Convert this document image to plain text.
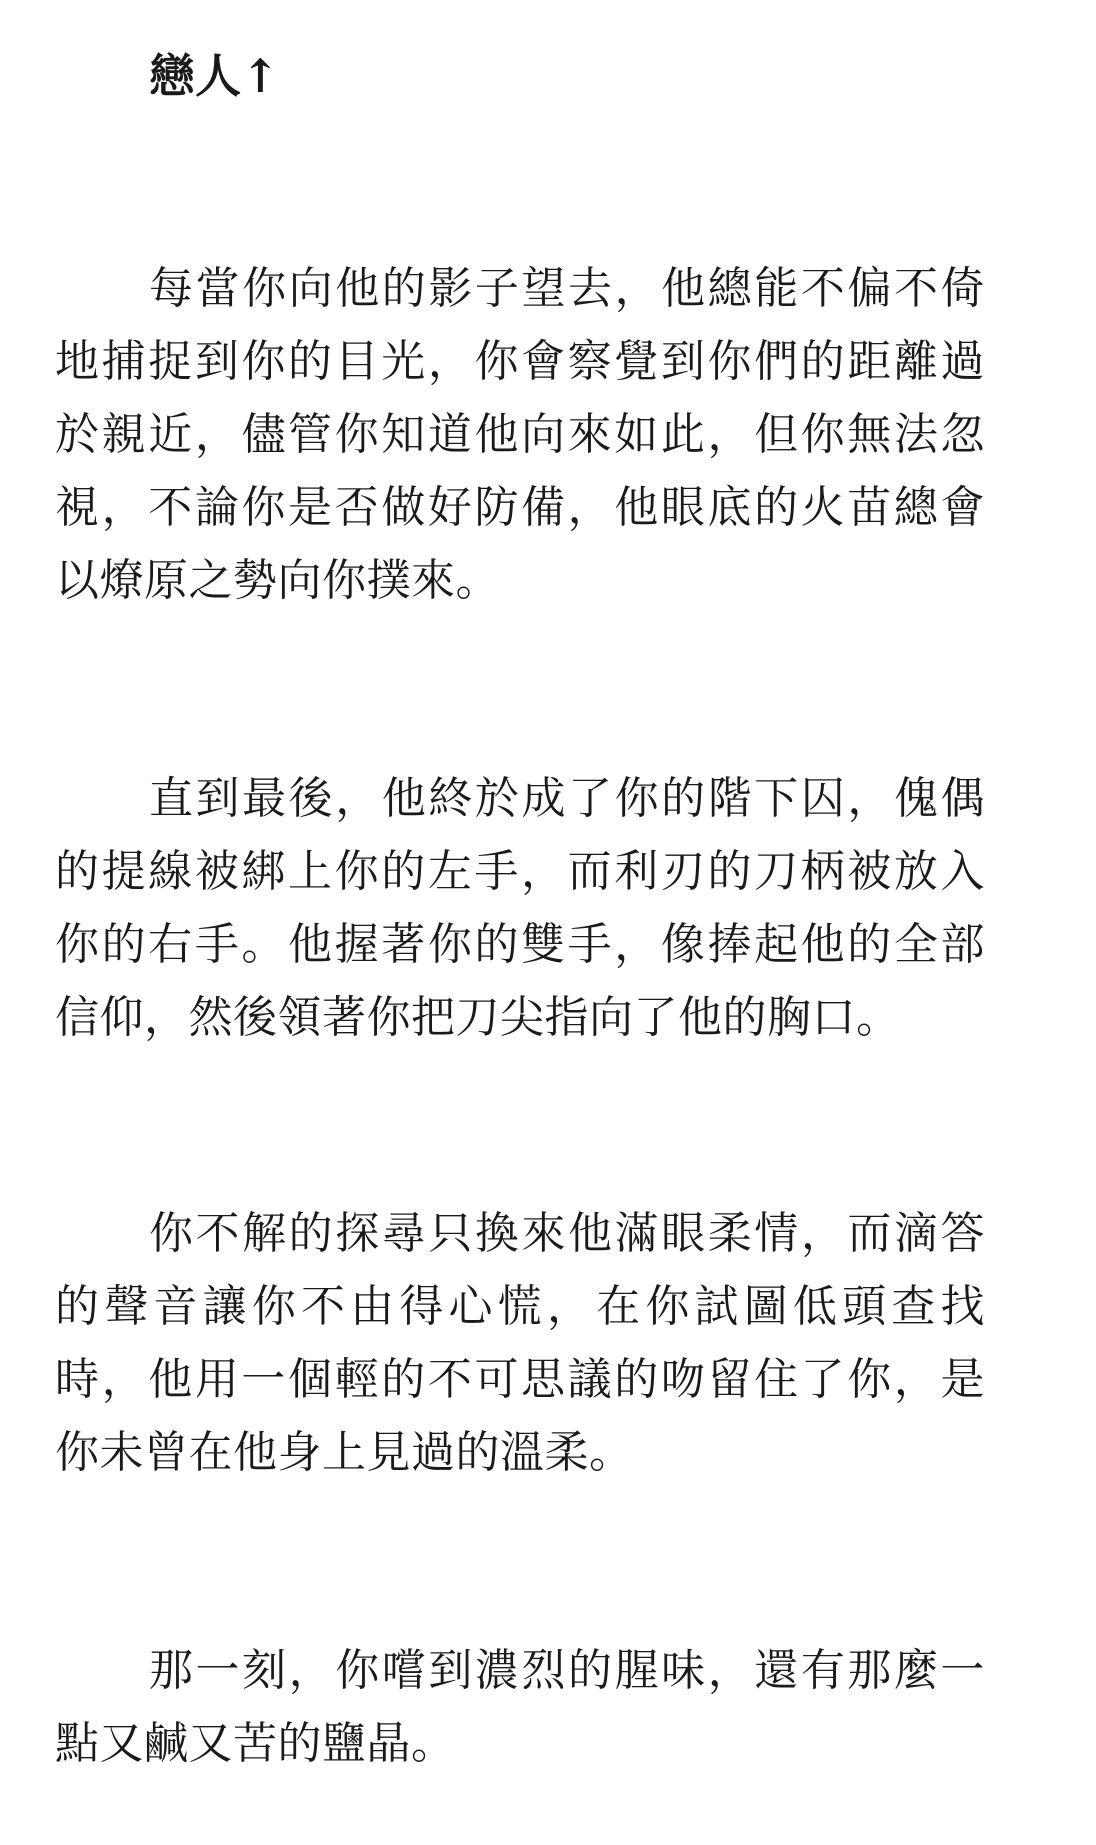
戀人↑

每當你向他的影子望去，他總能不偏不倚地捕捉到你的目光，你會察覺到你們的距離過於親近，儘管你知道他向來如此，但你無法忽視，不論你是否做好防備，他眼底的火苗總會以燎原之勢向你撲來。

直到最後，他終於成了你的階下囚，傀偶的提線被綁上你的左手，而利刃的刀柄被放入你的右手。他握著你的雙手，像捧起他的全部信仰，然後領著你把刀尖指向了他的胸口。

你不解的探尋只換來他滿眼柔情，而滴答的聲音讓你不由得心慌，在你試圖低頭查找時，他用一個輕的不可思議的吻留住了你，是你未曾在他身上見過的溫柔。

那一刻，你嚐到濃烈的腥味，還有那麼一點又鹹又苦的鹽晶。
